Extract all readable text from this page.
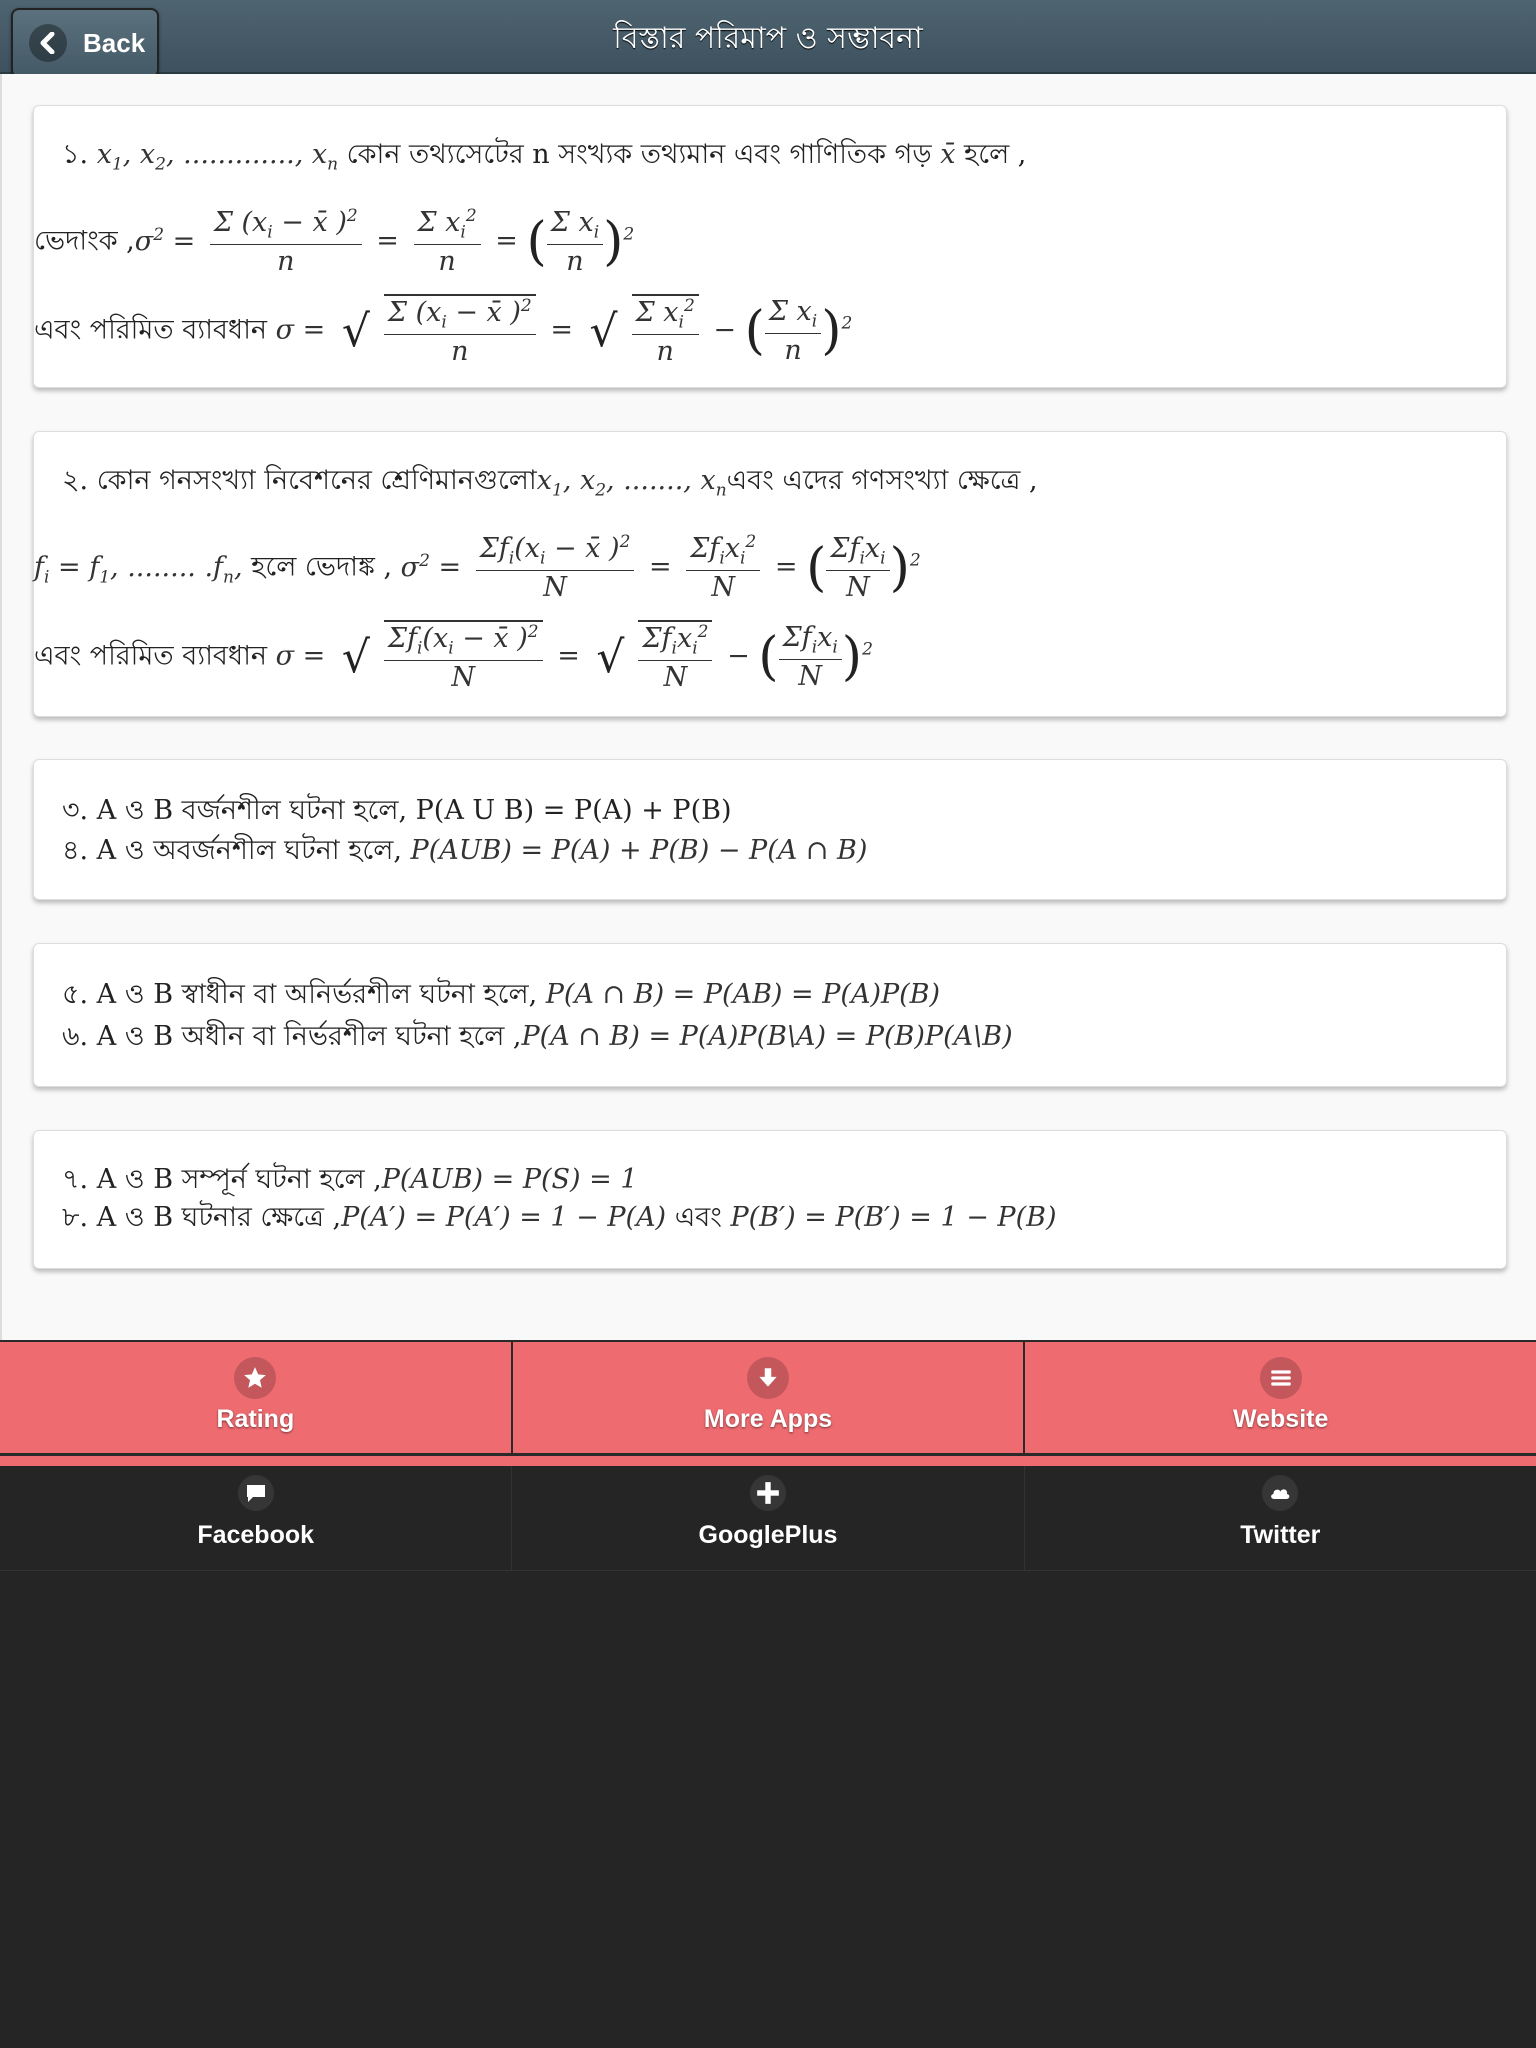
Back	বিস্তার পরিমাপ ও সম্ভাবনা
১. $x_1$, $x_2$, ............., $x_n$ কোন তথ্যসেটের n সংখ্যক তথ্যমান এবং গাণিতিক গড় x̄ হলে ,
ভেদাংক $,\sigma^2 = \frac{\Sigma (x_i - x̄ )^2}{n} = \frac{\Sigma x_i^2}{n}$ = ( $\frac{\Sigma x_i}{n} )^2$
এবং পরিমিত ব্যাবধান σ = √ $\frac{\Sigma (x_i - x̄ )^2}{n}$ = √ $\frac{\Sigma x_i^2}{n}$ − ( $\frac{\Sigma x_i}{n} )^2$
২. কোন গনসংখ্যা নিবেশনের $শ্রেণিমানগুলোx_1$, $x_2$, ......., $x_nএবং$ এদের গণসংখ্যা ক্ষেত্রে ,
$f_i = f_1$, ........ $.f_n$, হলে ভেদাঙ্ক , $\sigma^2 = \frac{\Sigma f_i(x_i - x̄ )^2}{N} = \frac{\Sigma f_ix_i^2}{N}$ = ( $\frac{\Sigma f_ix_i}{N} )^2$
এবং পরিমিত ব্যাবধান σ = √ $\frac{\Sigma f_i(x_i - x̄ )^2}{N}$ = √ $\frac{\Sigma f_ix_i^2}{N}$ − ( $\frac{\Sigma f_ix_i}{N} )^2$
৩. A ও B বর্জনশীল ঘটনা হলে, P(A U B) = P(A) + P(B)
৪. A ও অবর্জনশীল ঘটনা হলে, P(AUB) = P(A) + P(B) − P(A ∩ B)
৫. A ও B স্বাধীন বা অনির্ভরশীল ঘটনা হলে, P(A ∩ B) = P(AB) = P(A)P(B)
৬. A ও B অধীন বা নির্ভরশীল ঘটনা হলে ,P(A ∩ B) = P(A)P(B\A) = P(B)P(A\B)
৭. A ও B সম্পূর্ন ঘটনা হলে ,P(AUB) = P(S) = 1
৮. A ও B ঘটনার ক্ষেত্রে ,P(A′) = P(A′) = 1 − P(A) এবং P(B′) = P(B′) = 1 − P(B)
Rating	More Apps	Website
Facebook	GooglePlus	Twitter
